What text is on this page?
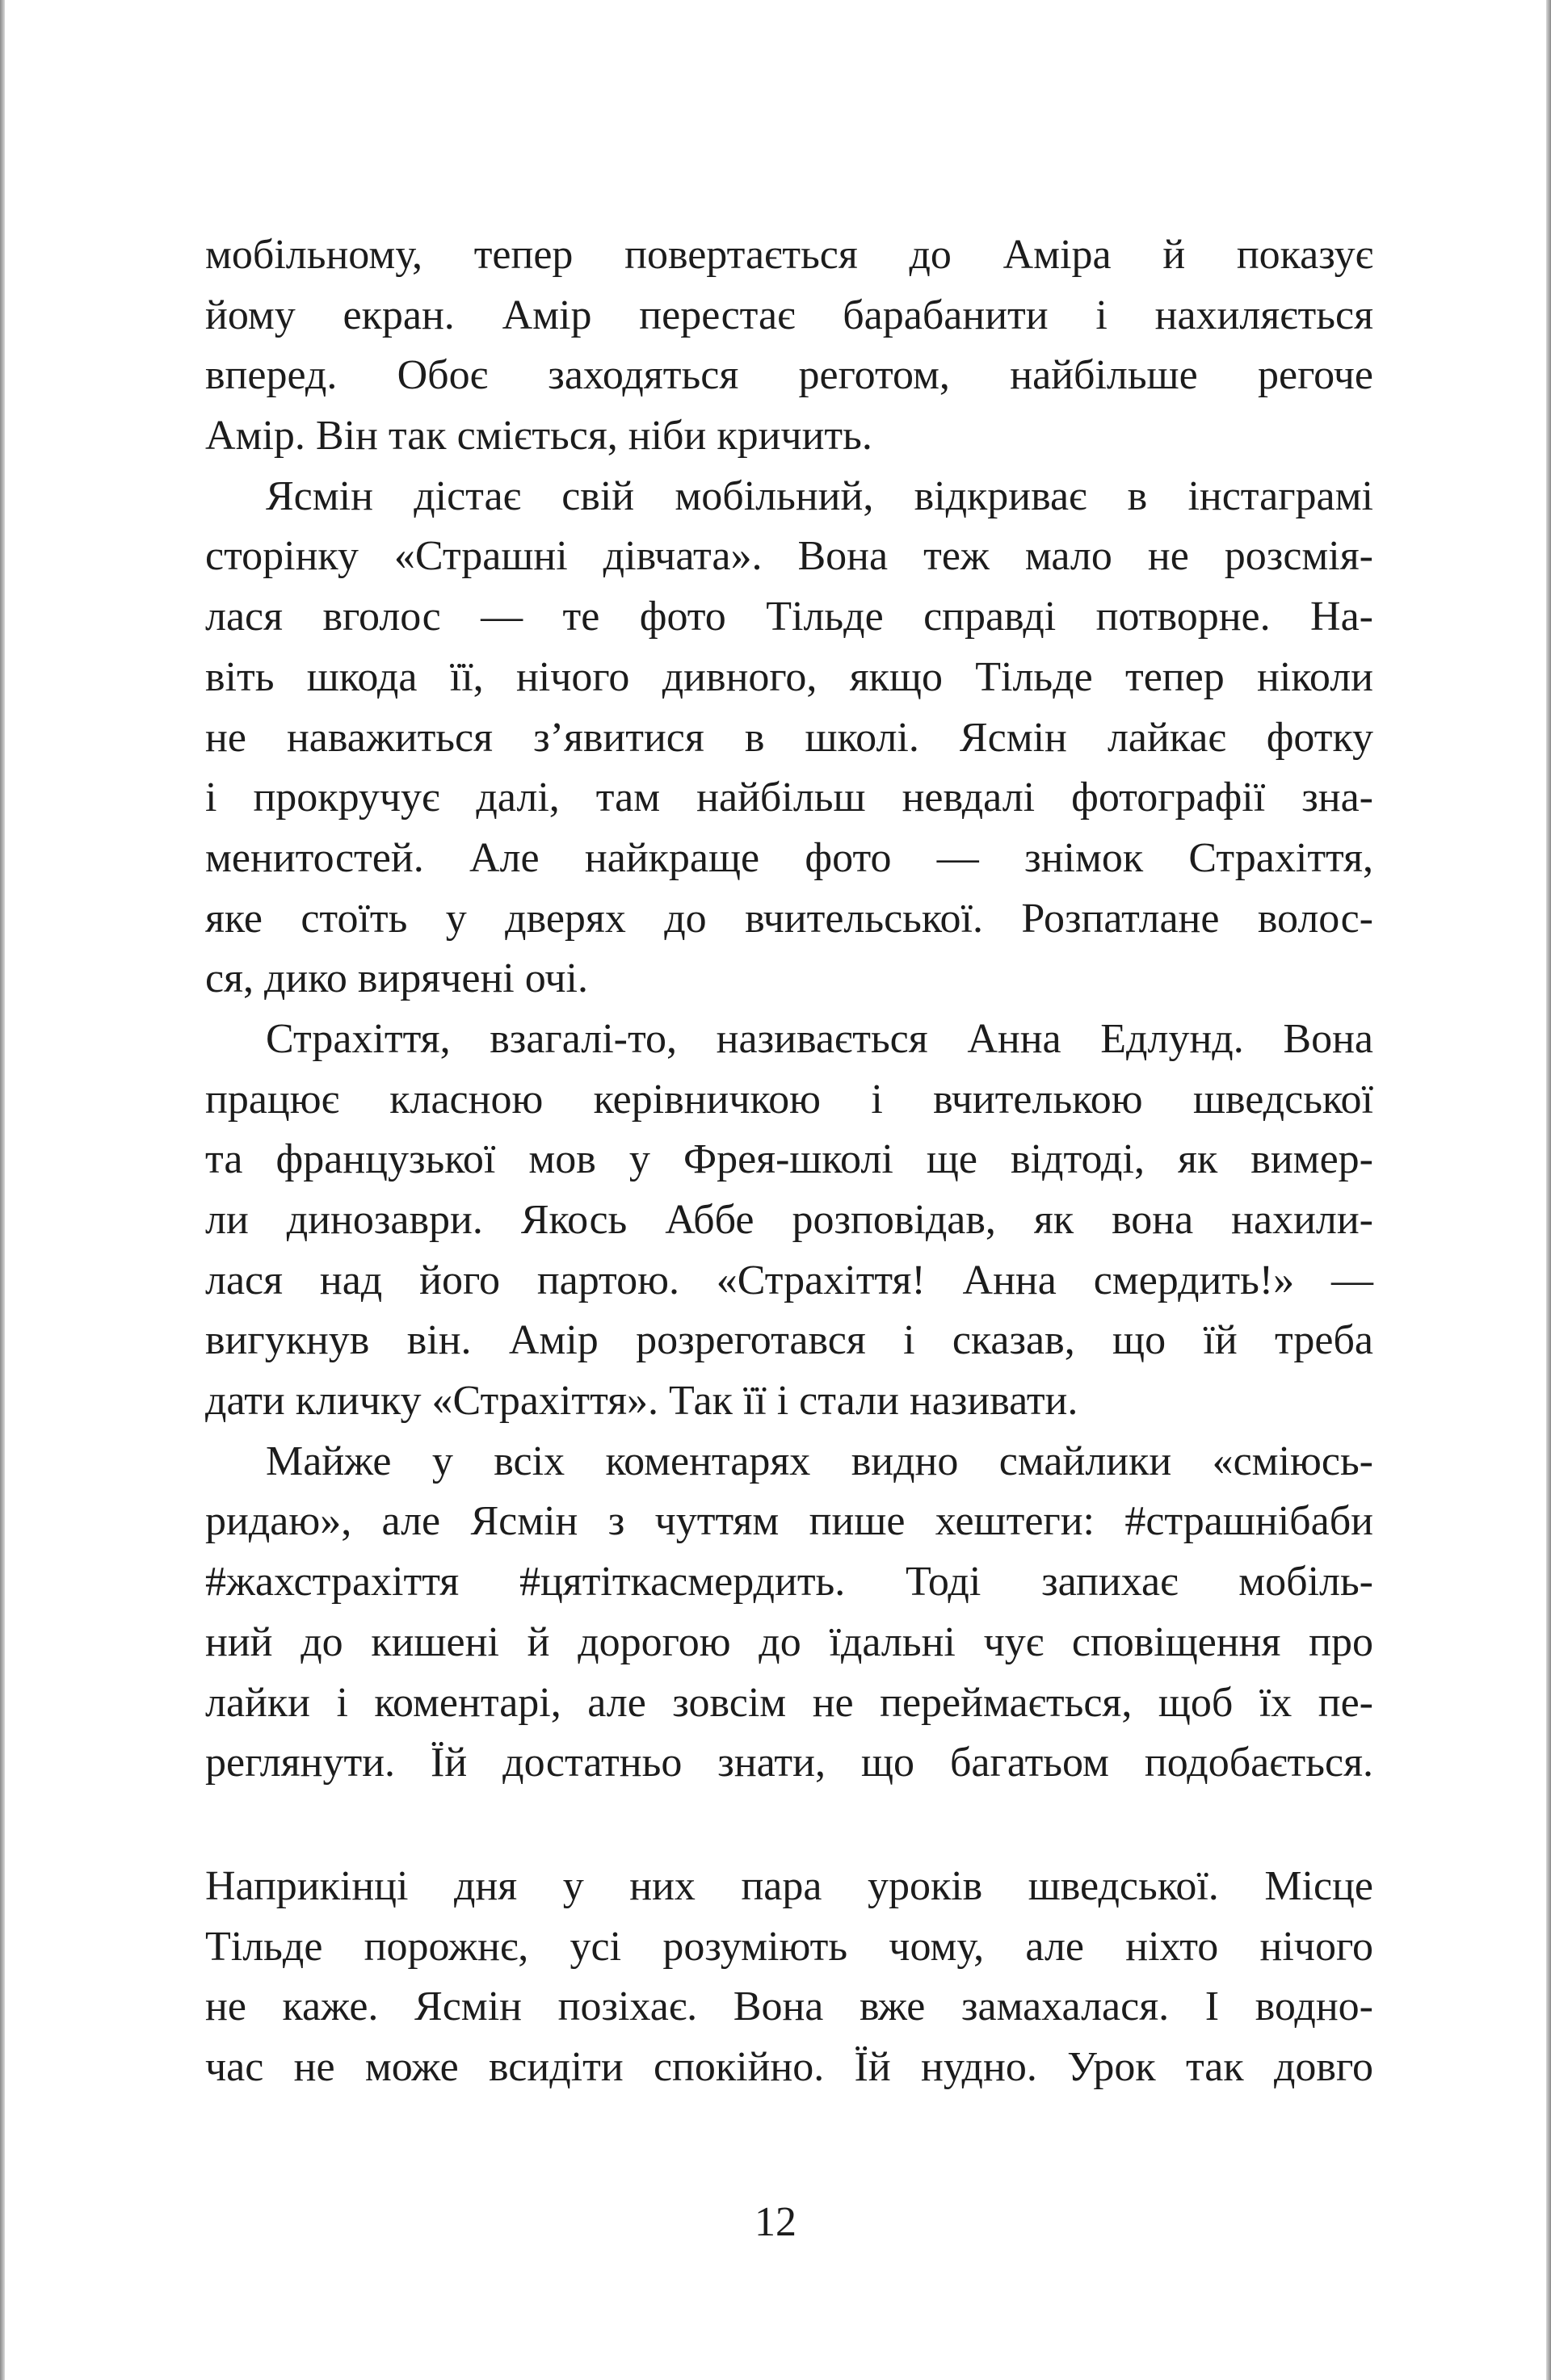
мобільному, тепер повертається до Аміра й показує
йому екран. Амір перестає барабанити і нахиляється
вперед. Обоє заходяться реготом, найбільше регоче
Амір. Він так сміється, ніби кричить.
Ясмін дістає свій мобільний, відкриває в інстаграмі
сторінку «Страшні дівчата». Вона теж мало не розсмія-
лася вголос — те фото Тільде справді потворне. На-
віть шкода її, нічого дивного, якщо Тільде тепер ніколи
не наважиться з’явитися в школі. Ясмін лайкає фотку
і прокручує далі, там найбільш невдалі фотографії зна-
менитостей. Але найкраще фото — знімок Страхіття,
яке стоїть у дверях до вчительської. Розпатлане волос-
ся, дико вирячені очі.
Страхіття, взагалі-то, називається Анна Едлунд. Вона
працює класною керівничкою і вчителькою шведської
та французької мов у Фрея-школі ще відтоді, як вимер-
ли динозаври. Якось Аббе розповідав, як вона нахили-
лася над його партою. «Страхіття! Анна смердить!» —
вигукнув він. Амір розреготався і сказав, що їй треба
дати кличку «Страхіття». Так її і стали називати.
Майже у всіх коментарях видно смайлики «сміюсь-
ридаю», але Ясмін з чуттям пише хештеги: #страшнібаби
#жахстрахіття #цятіткасмердить. Тоді запихає мобіль-
ний до кишені й дорогою до їдальні чує сповіщення про
лайки і коментарі, але зовсім не переймається, щоб їх пе-
реглянути. Їй достатньо знати, що багатьом подобається.
Наприкінці дня у них пара уроків шведської. Місце
Тільде порожнє, усі розуміють чому, але ніхто нічого
не каже. Ясмін позіхає. Вона вже замахалася. І водно-
час не може всидіти спокійно. Їй нудно. Урок так довго
12
